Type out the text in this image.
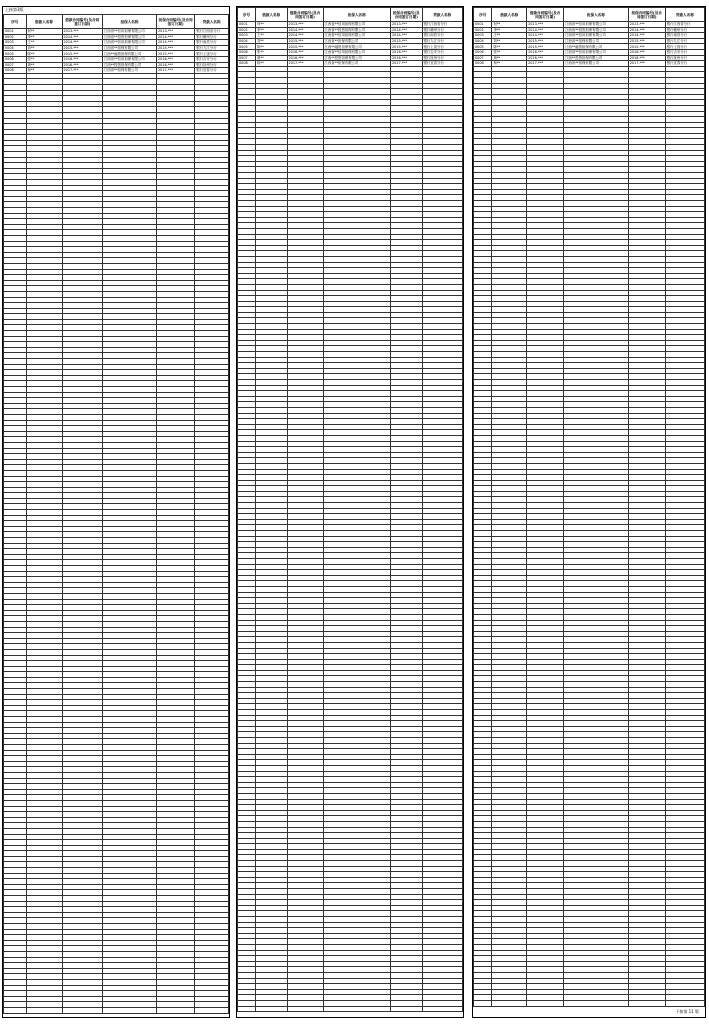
上接第3版
序号	借款人名称	借款合同编号(及合同签订日期)	担保人名称	担保合同编号(及合同签订日期)	贷款人名称
0001	何**	2013-***	江西省**信用担保有限公司	2013-***	银行江西省分行
0002	李**	2014-***	江西省**投资担保有限公司	2014-***	银行赣州分行
0003	王**	2014-***	江西省**信用担保有限公司	2014-***	银行南昌分行
0004	刘**	2015-***	江西省**担保有限公司	2015-***	银行九江分行
0005	陈**	2015-***	江西**融资担保有限公司	2015-***	银行上饶分行
0006	张**	2016-***	江西省**信用担保有限公司	2016-***	银行吉安分行
0007	黄**	2016-***	江西**投资担保有限公司	2016-***	银行抚州分行
0008	杨**	2017-***	江西省**担保有限公司	2017-***	银行宜春分行

序号	借款人名称	借款合同编号(及合同签订日期)	担保人名称	担保合同编号(及合同签订日期)	贷款人名称
0001	何**	2013-***	江西省**信用担保有限公司	2013-***	银行江西省分行
0002	李**	2014-***	江西省**投资担保有限公司	2014-***	银行赣州分行
0003	王**	2014-***	江西省**信用担保有限公司	2014-***	银行南昌分行
0004	刘**	2015-***	江西省**担保有限公司	2015-***	银行九江分行
0005	陈**	2015-***	江西**融资担保有限公司	2015-***	银行上饶分行
0006	张**	2016-***	江西省**信用担保有限公司	2016-***	银行吉安分行
0007	黄**	2016-***	江西**投资担保有限公司	2016-***	银行抚州分行
0008	杨**	2017-***	江西省**担保有限公司	2017-***	银行宜春分行

序号	借款人名称	借款合同编号(及合同签订日期)	担保人名称	担保合同编号(及合同签订日期)	贷款人名称
0001	何**	2013-***	江西省**信用担保有限公司	2013-***	银行江西省分行
0002	李**	2014-***	江西省**投资担保有限公司	2014-***	银行赣州分行
0003	王**	2014-***	江西省**信用担保有限公司	2014-***	银行南昌分行
0004	刘**	2015-***	江西省**担保有限公司	2015-***	银行九江分行
0005	陈**	2015-***	江西**融资担保有限公司	2015-***	银行上饶分行
0006	张**	2016-***	江西省**信用担保有限公司	2016-***	银行吉安分行
0007	黄**	2016-***	江西**投资担保有限公司	2016-***	银行抚州分行
0008	杨**	2017-***	江西省**担保有限公司	2017-***	银行宜春分行

下接第 11 版
